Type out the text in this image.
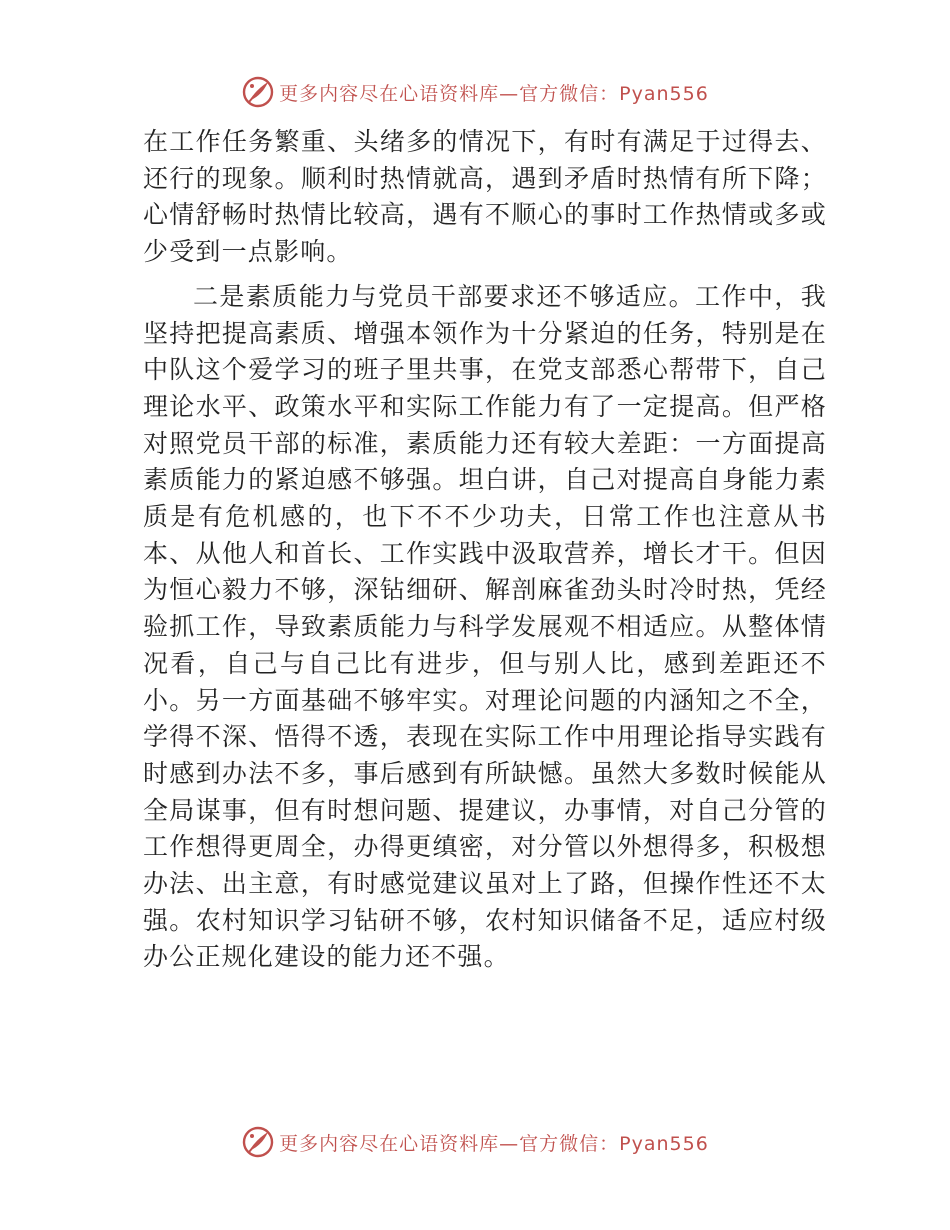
更多内容尽在心语资料库—官方微信：Pyan556

在工作任务繁重、头绪多的情况下，有时有满足于过得去、还行的现象。顺利时热情就高，遇到矛盾时热情有所下降；心情舒畅时热情比较高，遇有不顺心的事时工作热情或多或少受到一点影响。

二是素质能力与党员干部要求还不够适应。工作中，我坚持把提高素质、增强本领作为十分紧迫的任务，特别是在中队这个爱学习的班子里共事，在党支部悉心帮带下，自己理论水平、政策水平和实际工作能力有了一定提高。但严格对照党员干部的标准，素质能力还有较大差距：一方面提高素质能力的紧迫感不够强。坦白讲，自己对提高自身能力素质是有危机感的，也下不不少功夫，日常工作也注意从书本、从他人和首长、工作实践中汲取营养，增长才干。但因为恒心毅力不够，深钻细研、解剖麻雀劲头时冷时热，凭经验抓工作，导致素质能力与科学发展观不相适应。从整体情况看，自己与自己比有进步，但与别人比，感到差距还不小。另一方面基础不够牢实。对理论问题的内涵知之不全，学得不深、悟得不透，表现在实际工作中用理论指导实践有时感到办法不多，事后感到有所缺憾。虽然大多数时候能从全局谋事，但有时想问题、提建议，办事情，对自己分管的工作想得更周全，办得更缜密，对分管以外想得多，积极想办法、出主意，有时感觉建议虽对上了路，但操作性还不太强。农村知识学习钻研不够，农村知识储备不足，适应村级办公正规化建设的能力还不强。

更多内容尽在心语资料库—官方微信：Pyan556
